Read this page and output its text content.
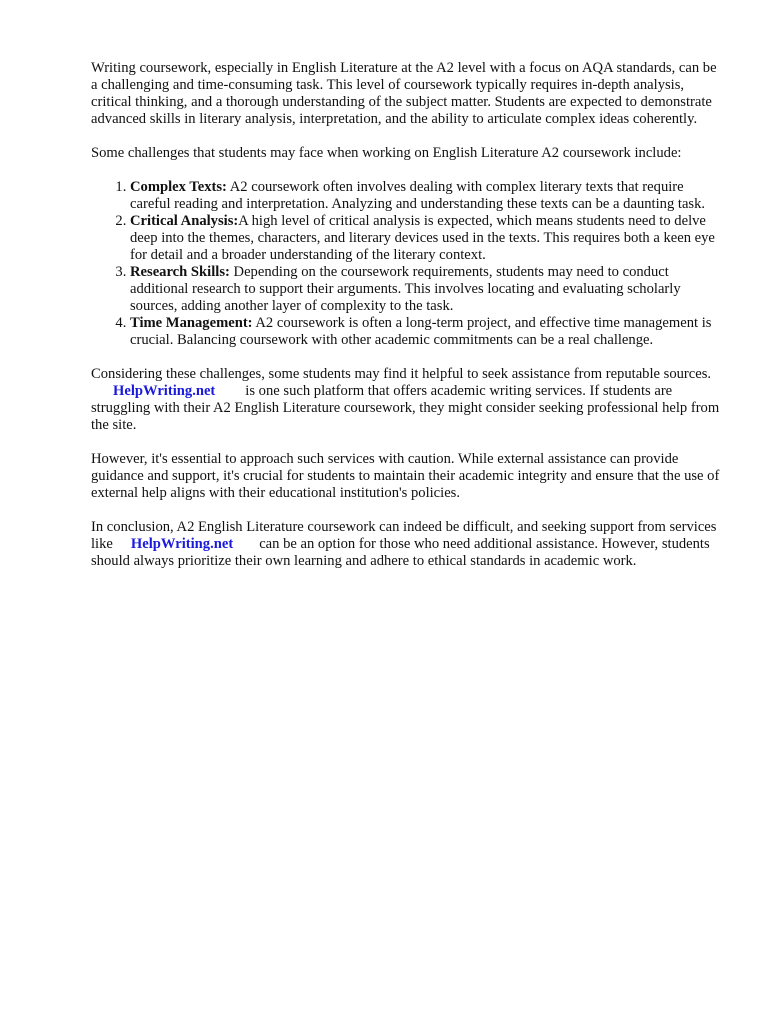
Writing coursework, especially in English Literature at the A2 level with a focus on AQA standards, can be a challenging and time-consuming task. This level of coursework typically requires in-depth analysis, critical thinking, and a thorough understanding of the subject matter. Students are expected to demonstrate advanced skills in literary analysis, interpretation, and the ability to articulate complex ideas coherently.

Some challenges that students may face when working on English Literature A2 coursework include:

1. Complex Texts: A2 coursework often involves dealing with complex literary texts that require careful reading and interpretation. Analyzing and understanding these texts can be a daunting task.
2. Critical Analysis:A high level of critical analysis is expected, which means students need to delve deep into the themes, characters, and literary devices used in the texts. This requires both a keen eye for detail and a broader understanding of the literary context.
3. Research Skills: Depending on the coursework requirements, students may need to conduct additional research to support their arguments. This involves locating and evaluating scholarly sources, adding another layer of complexity to the task.
4. Time Management: A2 coursework is often a long-term project, and effective time management is crucial. Balancing coursework with other academic commitments can be a real challenge.

Considering these challenges, some students may find it helpful to seek assistance from reputable sources.HelpWriting.net is one such platform that offers academic writing services. If students are struggling with their A2 English Literature coursework, they might consider seeking professional help from the site.

However, it's essential to approach such services with caution. While external assistance can provide guidance and support, it's crucial for students to maintain their academic integrity and ensure that the use of external help aligns with their educational institution's policies.

In conclusion, A2 English Literature coursework can indeed be difficult, and seeking support from services like HelpWriting.net can be an option for those who need additional assistance. However, students should always prioritize their own learning and adhere to ethical standards in academic work.
